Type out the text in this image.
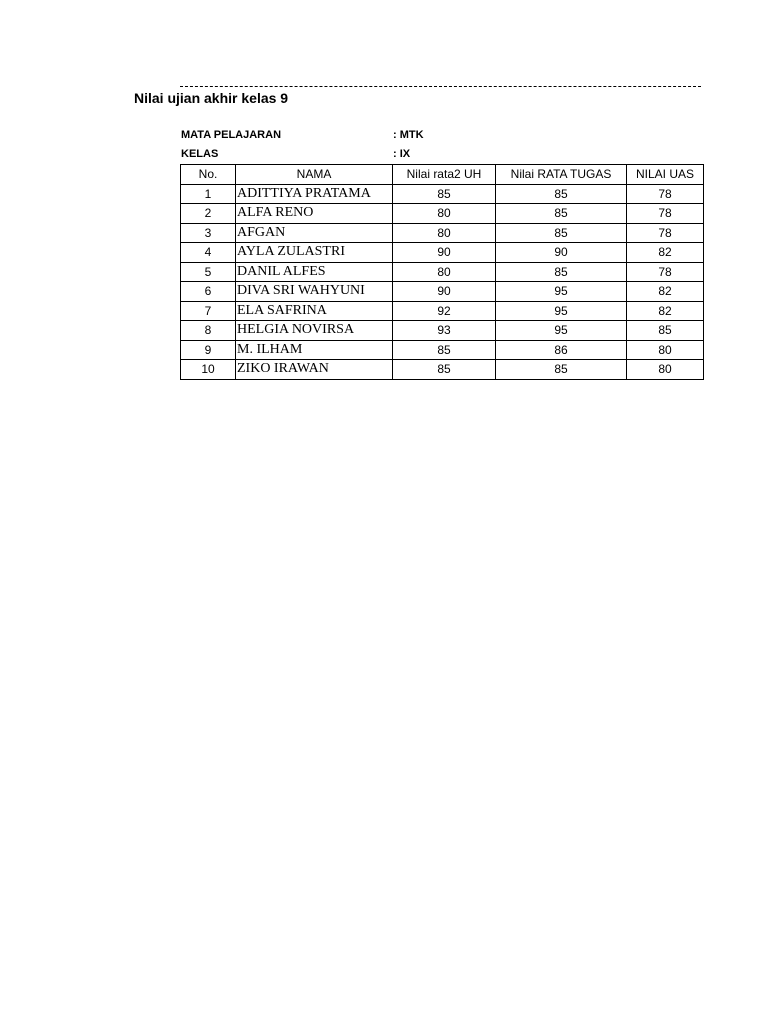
Nilai ujian akhir kelas 9
MATA PELAJARAN	: MTK
KELAS	: IX
No.	NAMA	Nilai rata2 UH	Nilai RATA TUGAS	NILAI UAS
1	ADITTIYA PRATAMA	85	85	78
2	ALFA RENO	80	85	78
3	AFGAN	80	85	78
4	AYLA ZULASTRI	90	90	82
5	DANIL ALFES	80	85	78
6	DIVA SRI WAHYUNI	90	95	82
7	ELA SAFRINA	92	95	82
8	HELGIA NOVIRSA	93	95	85
9	M. ILHAM	85	86	80
10	ZIKO IRAWAN	85	85	80
